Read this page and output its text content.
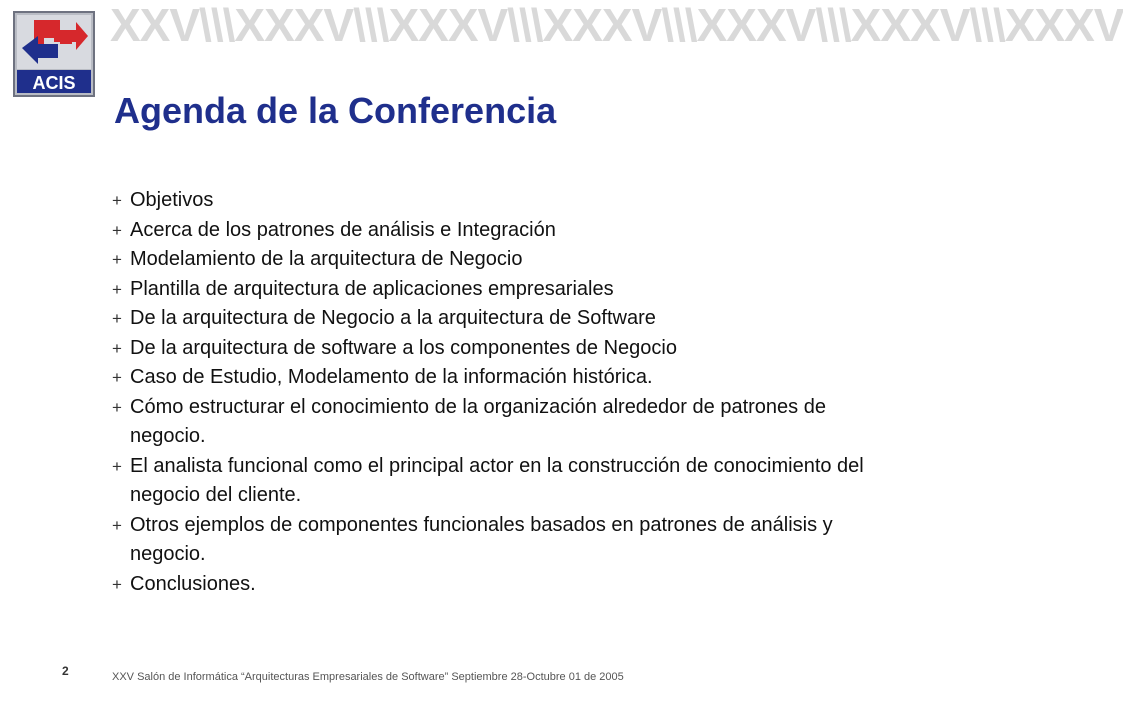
ACIS
XXV\\\XXXV\\\XXXV\\\XXXV\\\XXXV\\\XXXV\\\XXXV
Agenda de la Conferencia
+ Objetivos
+ Acerca de los patrones de análisis e Integración
+ Modelamiento de la arquitectura de Negocio
+ Plantilla de arquitectura de aplicaciones empresariales
+ De la arquitectura de Negocio a la arquitectura de Software
+ De la arquitectura de software a los componentes de Negocio
+ Caso de Estudio, Modelamento de la información histórica.
+ Cómo estructurar el conocimiento de la organización alrededor de patrones de negocio.
+ El analista funcional como el principal actor en la construcción de conocimiento del negocio del cliente.
+ Otros ejemplos de componentes funcionales basados en patrones de análisis y negocio.
+ Conclusiones.
2	XXV Salón de Informática “Arquitecturas Empresariales de Software” Septiembre 28-Octubre 01 de 2005
